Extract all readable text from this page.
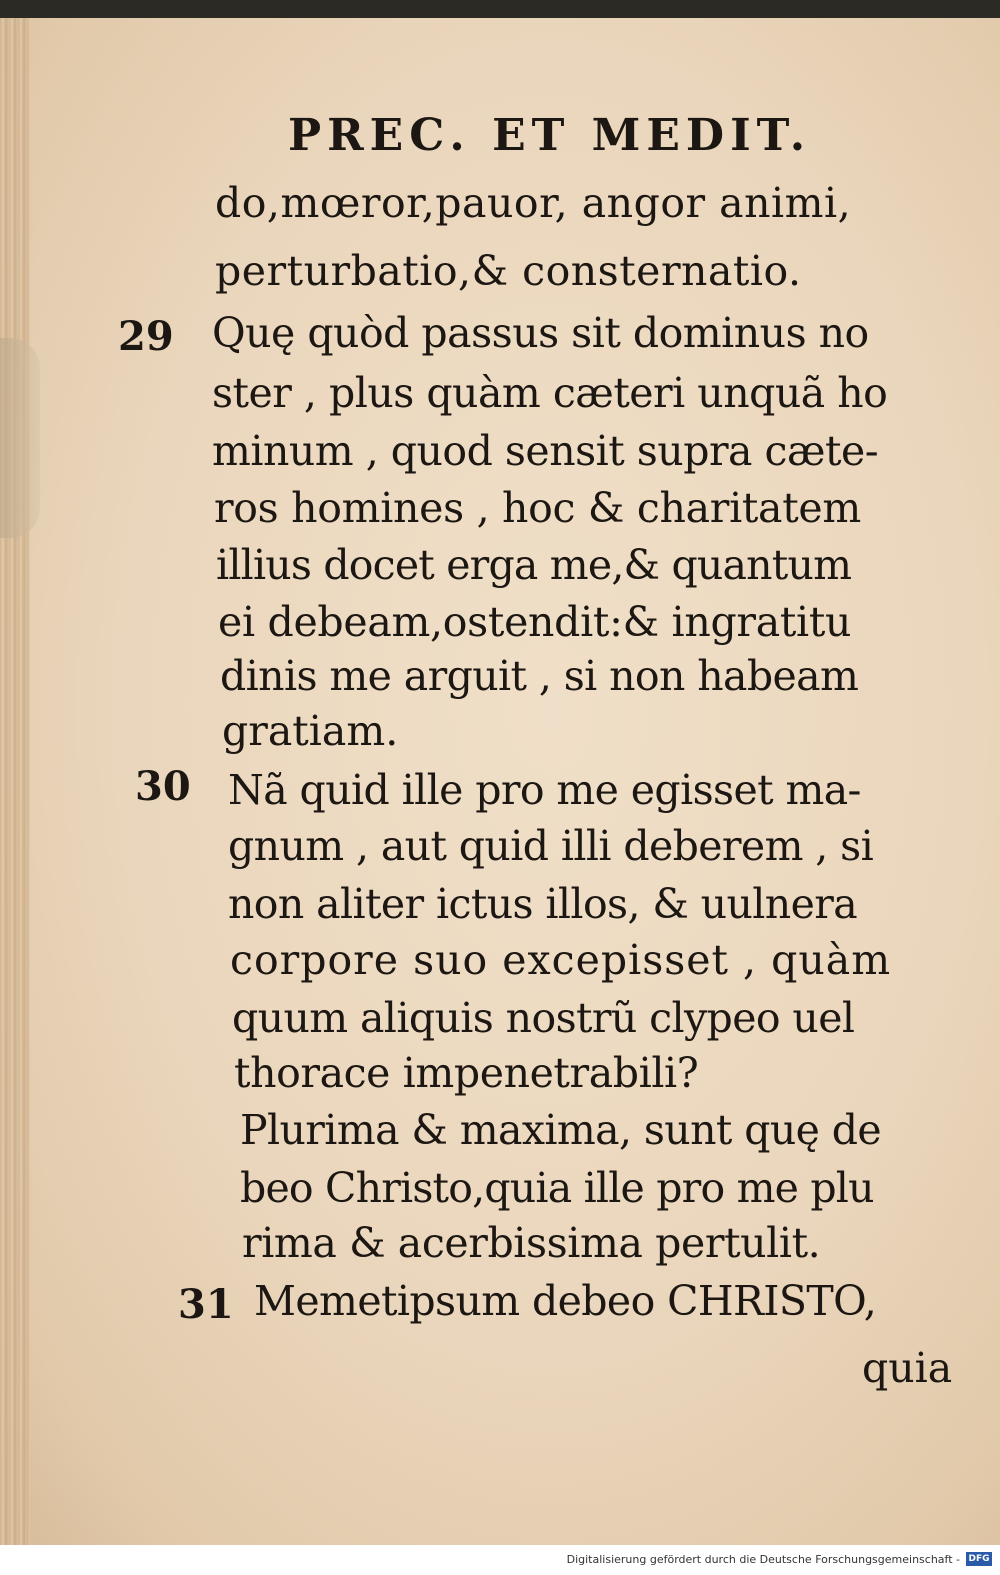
PREC. ET MEDIT.
do,mœror,pauor, angor animi,
perturbatio,& consternatio.
29 Quę quòd passus sit dominus no
ster , plus quàm cæteri unquã ho
minum , quod sensit supra cæte-
ros homines , hoc & charitatem
illius docet erga me,& quantum
ei debeam,ostendit:& ingratitu
dinis me arguit , si non habeam
gratiam.
30 Nã quid ille pro me egisset ma-
gnum , aut quid illi deberem , si
non aliter ictus illos, & uulnera
corpore suo excepisset , quàm
quum aliquis nostrũ clypeo uel
thorace impenetrabili?
Plurima & maxima, sunt quę de
beo Christo,quia ille pro me plu
rima & acerbissima pertulit.
31 Memetipsum debeo CHRISTO,
quia
Digitalisierung gefördert durch die Deutsche Forschungsgemeinschaft - DFG
